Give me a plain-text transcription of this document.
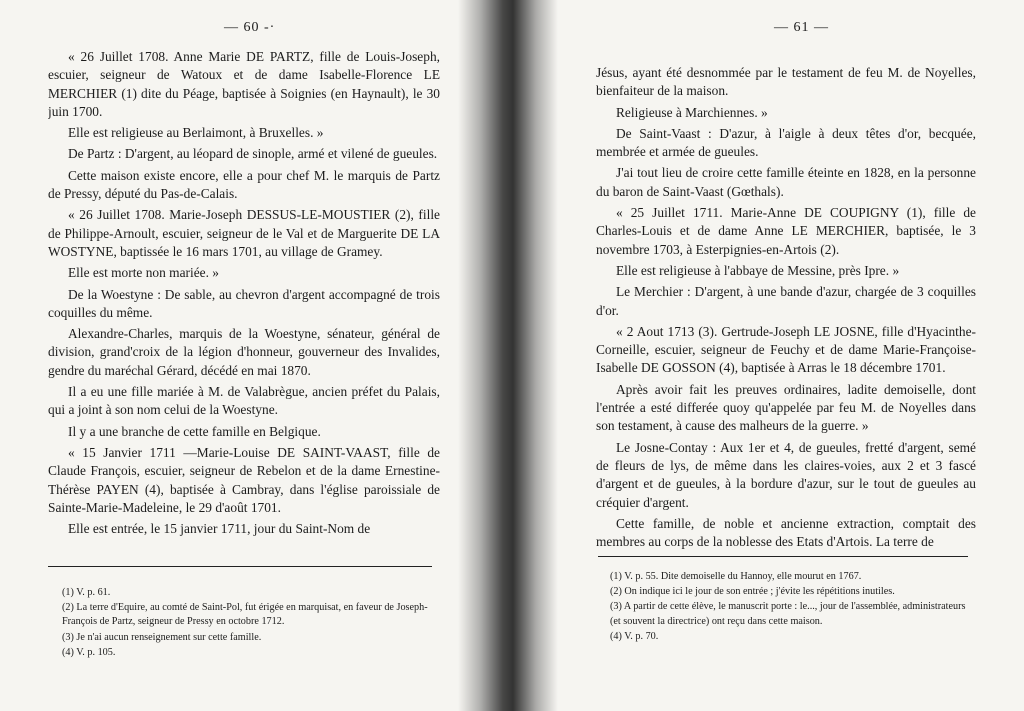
— 60 -·

« 26 Juillet 1708. Anne Marie DE PARTZ, fille de Louis-Joseph, escuier, seigneur de Watoux et de dame Isabelle-Florence LE MERCHIER (1) dite du Péage, baptisée à Soignies (en Haynault), le 30 juin 1700.

Elle est religieuse au Berlaimont, à Bruxelles. »

De Partz : D'argent, au léopard de sinople, armé et vilené de gueules.

Cette maison existe encore, elle a pour chef M. le marquis de Partz de Pressy, député du Pas-de-Calais.

« 26 Juillet 1708. Marie-Joseph DESSUS-LE-MOUSTIER (2), fille de Philippe-Arnoult, escuier, seigneur de le Val et de Marguerite DE LA WOSTYNE, baptissée le 16 mars 1701, au village de Gramey.

Elle est morte non mariée. »

De la Woestyne : De sable, au chevron d'argent accompagné de trois coquilles du même.

Alexandre-Charles, marquis de la Woestyne, sénateur, général de division, grand'croix de la légion d'honneur, gouverneur des Invalides, gendre du maréchal Gérard, décédé en mai 1870.

Il a eu une fille mariée à M. de Valabrègue, ancien préfet du Palais, qui a joint à son nom celui de la Woestyne.

Il y a une branche de cette famille en Belgique.

« 15 Janvier 1711 —Marie-Louise DE SAINT-VAAST, fille de Claude François, escuier, seigneur de Rebelon et de la dame Ernestine-Thérèse PAYEN (4), baptisée à Cambray, dans l'église paroissiale de Sainte-Marie-Madeleine, le 29 d'août 1701.

Elle est entrée, le 15 janvier 1711, jour du Saint-Nom de

(1) V. p. 61.
(2) La terre d'Equire, au comté de Saint-Pol, fut érigée en marquisat, en faveur de Joseph-François de Partz, seigneur de Pressy en octobre 1712.
(3) Je n'ai aucun renseignement sur cette famille.
(4) V. p. 105.
— 61 —

Jésus, ayant été desnommée par le testament de feu M. de Noyelles, bienfaiteur de la maison.

Religieuse à Marchiennes. »

De Saint-Vaast : D'azur, à l'aigle à deux têtes d'or, becquée, membrée et armée de gueules.

J'ai tout lieu de croire cette famille éteinte en 1828, en la personne du baron de Saint-Vaast (Gœthals).

« 25 Juillet 1711. Marie-Anne DE COUPIGNY (1), fille de Charles-Louis et de dame Anne LE MERCHIER, baptisée, le 3 novembre 1703, à Esterpignies-en-Artois (2).

Elle est religieuse à l'abbaye de Messine, près Ipre. »

Le Merchier : D'argent, à une bande d'azur, chargée de 3 coquilles d'or.

« 2 Aout 1713 (3). Gertrude-Joseph LE JOSNE, fille d'Hyacinthe-Corneille, escuier, seigneur de Feuchy et de dame Marie-Françoise-Isabelle DE GOSSON (4), baptisée à Arras le 18 décembre 1701.

Après avoir fait les preuves ordinaires, ladite demoiselle, dont l'entrée a esté differée quoy qu'appelée par feu M. de Noyelles dans son testament, à cause des malheurs de la guerre. »

Le Josne-Contay : Aux 1er et 4, de gueules, fretté d'argent, semé de fleurs de lys, de même dans les claires-voies, aux 2 et 3 fascé d'argent et de gueules, à la bordure d'azur, sur le tout de gueules au créquier d'argent.

Cette famille, de noble et ancienne extraction, comptait des membres au corps de la noblesse des Etats d'Artois. La terre de

(1) V. p. 55. Dite demoiselle du Hannoy, elle mourut en 1767.
(2) On indique ici le jour de son entrée ; j'évite les répétitions inutiles.
(3) A partir de cette élève, le manuscrit porte : le..., jour de l'assemblée, administrateurs (et souvent la directrice) ont reçu dans cette maison.
(4) V. p. 70.
